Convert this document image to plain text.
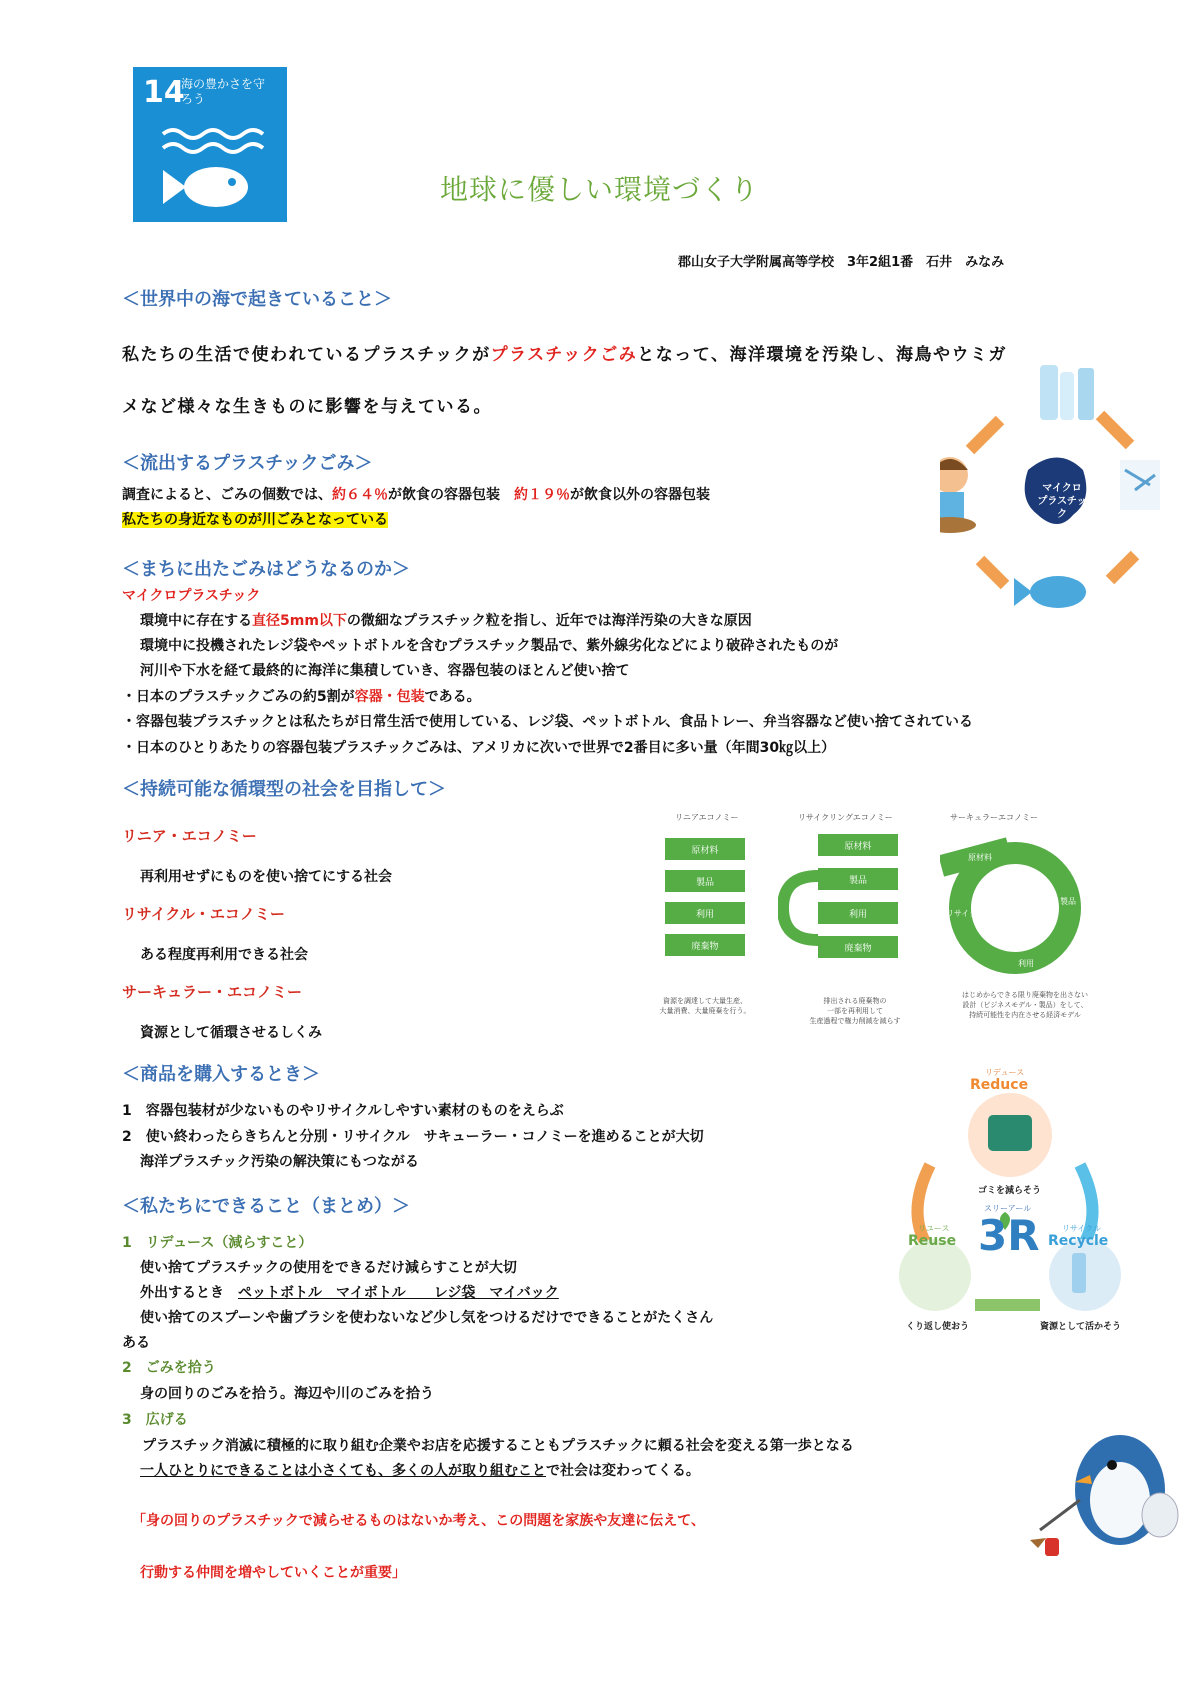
14
海の豊かさを守ろう
地球に優しい環境づくり
郡山女子大学附属高等学校　3年2組1番　石井　みなみ
＜世界中の海で起きていること＞
私たちの生活で使われているプラスチックがプラスチックごみとなって、海洋環境を汚染し、海鳥やウミガ
メなど様々な生きものに影響を与えている。
＜流出するプラスチックごみ＞
調査によると、ごみの個数では、約６４％が飲食の容器包装　約１９％が飲食以外の容器包装
私たちの身近なものが川ごみとなっている
マイクロ
プラスチック
＜まちに出たごみはどうなるのか＞
マイクロプラスチック
環境中に存在する直径5mm以下の微細なプラスチック粒を指し、近年では海洋汚染の大きな原因
環境中に投機されたレジ袋やペットボトルを含むプラスチック製品で、紫外線劣化などにより破砕されたものが
河川や下水を経て最終的に海洋に集積していき、容器包装のほとんど使い捨て
・日本のプラスチックごみの約5割が容器・包装である。
・容器包装プラスチックとは私たちが日常生活で使用している、レジ袋、ペットボトル、食品トレー、弁当容器など使い捨てされている
・日本のひとりあたりの容器包装プラスチックごみは、アメリカに次いで世界で2番目に多い量（年間30㎏以上）
＜持続可能な循環型の社会を目指して＞
リニア・エコノミー
再利用せずにものを使い捨てにする社会
リサイクル・エコノミー
ある程度再利用できる社会
サーキュラー・エコノミー
資源として循環させるしくみ
リニアエコノミー
原材料
製品
利用
廃棄物
資源を調達して大量生産、
大量消費、大量廃棄を行う。
リサイクリングエコノミー
原材料
製品
利用
廃棄物
排出される廃棄物の
一部を再利用して
生産過程で権力削減を減らす
サーキュラーエコノミー
原材料
製品
利用
リサイクル
はじめからできる限り廃棄物を出さない
設計（ビジネスモデル・製品）をして、
持続可能性を内在させる経済モデル
＜商品を購入するとき＞
1　容器包装材が少ないものやリサイクルしやすい素材のものをえらぶ
2　使い終わったらきちんと分別・リサイクル　サキューラー・コノミーを進めることが大切
海洋プラスチック汚染の解決策にもつながる
リデュース
Reduce
ゴミを減らそう
スリーアール
3R
リユース
Reuse
くり返し使おう
リサイクル
Recycle
資源として活かそう
＜私たちにできること（まとめ）＞
1　リデュース（減らすこと）
使い捨てプラスチックの使用をできるだけ減らすことが大切
外出するとき　ペットボトル　マイボトル　　レジ袋　マイバック
使い捨てのスプーンや歯ブラシを使わないなど少し気をつけるだけでできることがたくさん
ある
2　ごみを拾う
身の回りのごみを拾う。海辺や川のごみを拾う
3　広げる
プラスチック消滅に積極的に取り組む企業やお店を応援することもプラスチックに頼る社会を変える第一歩となる
一人ひとりにできることは小さくても、多くの人が取り組むことで社会は変わってくる。
「身の回りのプラスチックで減らせるものはないか考え、この問題を家族や友達に伝えて、
行動する仲間を増やしていくことが重要」
